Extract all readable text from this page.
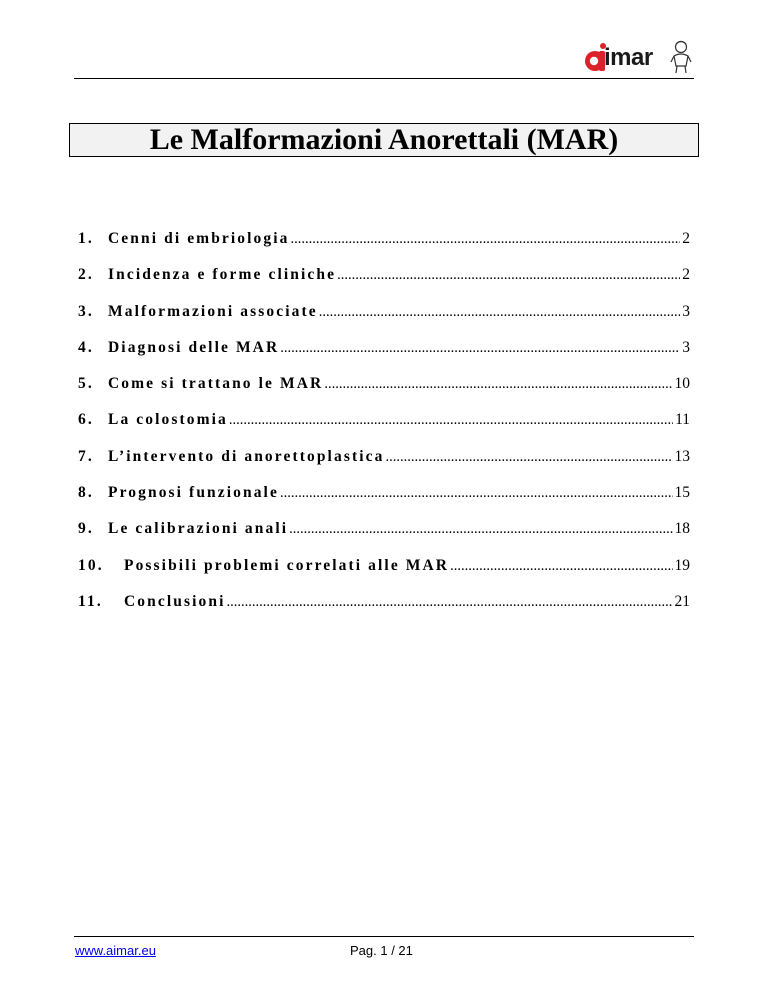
imar
Le Malformazioni Anorettali (MAR)
1. Cenni di embriologia .....	2
2. Incidenza e forme cliniche .....	2
3. Malformazioni associate .....	3
4. Diagnosi delle MAR .....	3
5. Come si trattano le MAR .....	10
6. La colostomia .....	11
7. L’intervento di anorettoplastica .....	13
8. Prognosi funzionale .....	15
9. Le calibrazioni anali .....	18
10.	Possibili problemi correlati alle MAR .....	19
11.	Conclusioni .....	21
www.aimar.eu	Pag. 1 / 21
